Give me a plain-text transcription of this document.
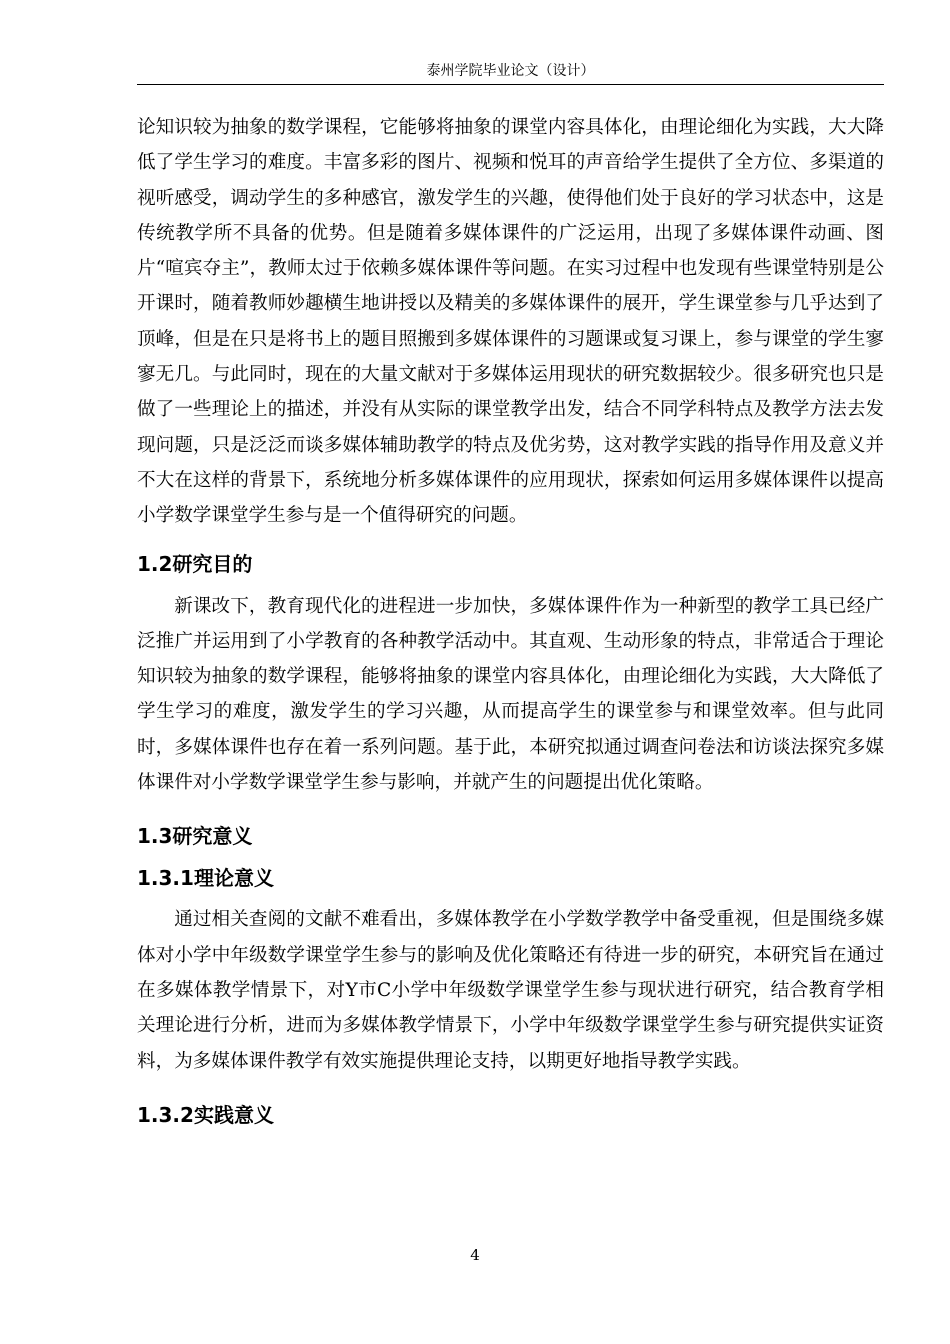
泰州学院毕业论文（设计）

论知识较为抽象的数学课程，它能够将抽象的课堂内容具体化，由理论细化为实践，大大降低了学生学习的难度。丰富多彩的图片、视频和悦耳的声音给学生提供了全方位、多渠道的视听感受，调动学生的多种感官，激发学生的兴趣，使得他们处于良好的学习状态中，这是传统教学所不具备的优势。但是随着多媒体课件的广泛运用，出现了多媒体课件动画、图片“喧宾夺主”，教师太过于依赖多媒体课件等问题。在实习过程中也发现有些课堂特别是公开课时，随着教师妙趣横生地讲授以及精美的多媒体课件的展开，学生课堂参与几乎达到了顶峰，但是在只是将书上的题目照搬到多媒体课件的习题课或复习课上，参与课堂的学生寥寥无几。与此同时，现在的大量文献对于多媒体运用现状的研究数据较少。很多研究也只是做了一些理论上的描述，并没有从实际的课堂教学出发，结合不同学科特点及教学方法去发现问题，只是泛泛而谈多媒体辅助教学的特点及优劣势，这对教学实践的指导作用及意义并不大在这样的背景下，系统地分析多媒体课件的应用现状，探索如何运用多媒体课件以提高小学数学课堂学生参与是一个值得研究的问题。

1.2研究目的

新课改下，教育现代化的进程进一步加快，多媒体课件作为一种新型的教学工具已经广泛推广并运用到了小学教育的各种教学活动中。其直观、生动形象的特点，非常适合于理论知识较为抽象的数学课程，能够将抽象的课堂内容具体化，由理论细化为实践，大大降低了学生学习的难度，激发学生的学习兴趣，从而提高学生的课堂参与和课堂效率。但与此同时，多媒体课件也存在着一系列问题。基于此，本研究拟通过调查问卷法和访谈法探究多媒体课件对小学数学课堂学生参与影响，并就产生的问题提出优化策略。

1.3研究意义
1.3.1理论意义

通过相关查阅的文献不难看出，多媒体教学在小学数学教学中备受重视，但是围绕多媒体对小学中年级数学课堂学生参与的影响及优化策略还有待进一步的研究，本研究旨在通过在多媒体教学情景下，对Y市C小学中年级数学课堂学生参与现状进行研究，结合教育学相关理论进行分析，进而为多媒体教学情景下，小学中年级数学课堂学生参与研究提供实证资料，为多媒体课件教学有效实施提供理论支持，以期更好地指导教学实践。

1.3.2实践意义
4
